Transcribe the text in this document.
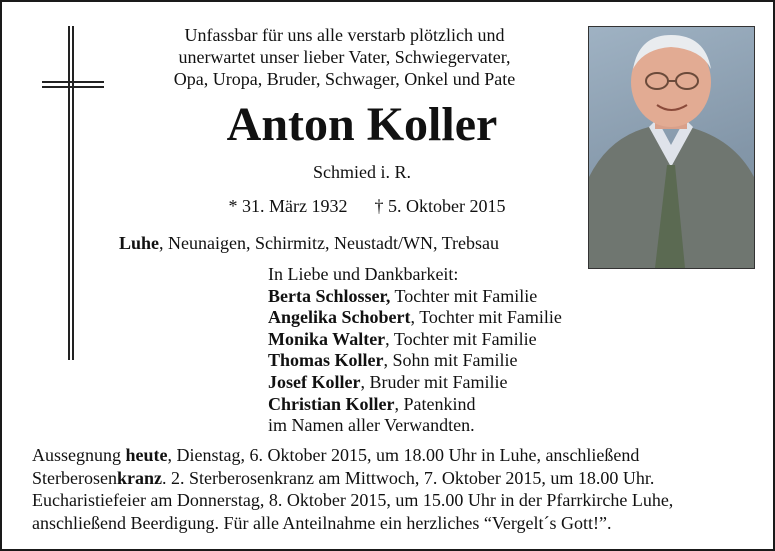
Unfassbar für uns alle verstarb plötzlich und
unerwartet unser lieber Vater, Schwiegervater,
Opa, Uropa, Bruder, Schwager, Onkel und Pate
Anton Koller
Schmied i. R.
* 31. März 1932 † 5. Oktober 2015
Luhe, Neunaigen, Schirmitz, Neustadt/WN, Trebsau
In Liebe und Dankbarkeit:
Berta Schlosser, Tochter mit Familie
Angelika Schobert, Tochter mit Familie
Monika Walter, Tochter mit Familie
Thomas Koller, Sohn mit Familie
Josef Koller, Bruder mit Familie
Christian Koller, Patenkind
im Namen aller Verwandten.
Aussegnung heute, Dienstag, 6. Oktober 2015, um 18.00 Uhr in Luhe, anschließend Sterberosenkranz. 2. Sterberosenkranz am Mittwoch, 7. Oktober 2015, um 18.00 Uhr. Eucharistiefeier am Donnerstag, 8. Oktober 2015, um 15.00 Uhr in der Pfarrkirche Luhe, anschließend Beerdigung. Für alle Anteilnahme ein herzliches “Vergelt´s Gott!”.
